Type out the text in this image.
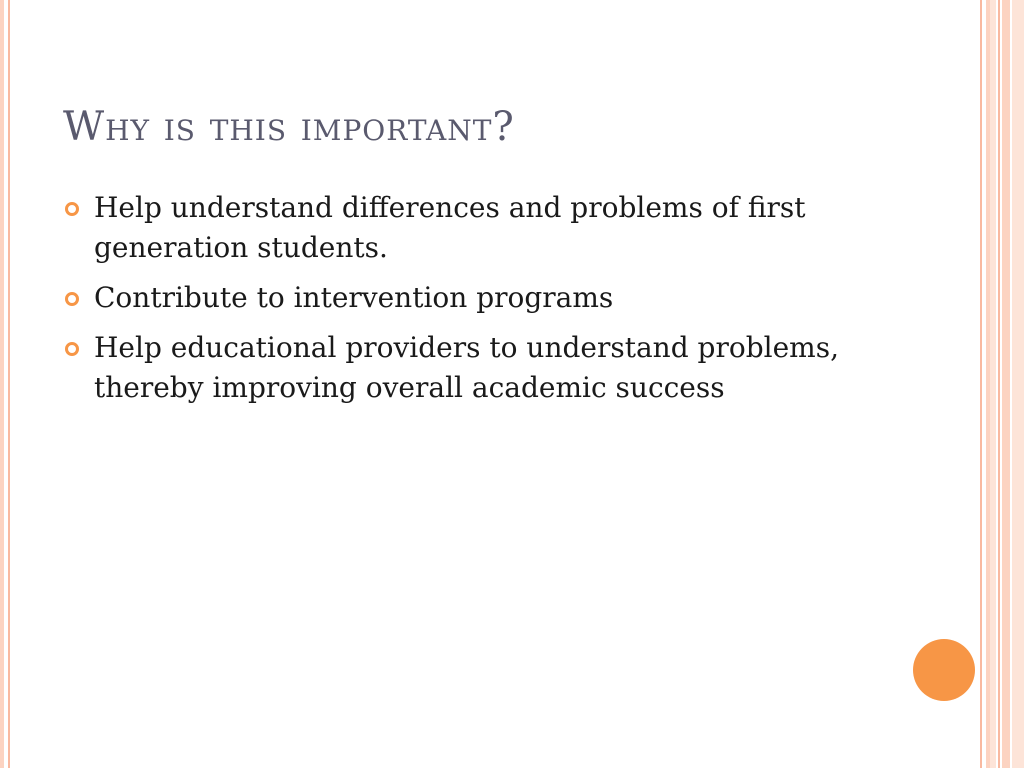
Why is this important?
Help understand differences and problems of first generation students.
Contribute to intervention programs
Help educational providers to understand problems, thereby improving overall academic success
